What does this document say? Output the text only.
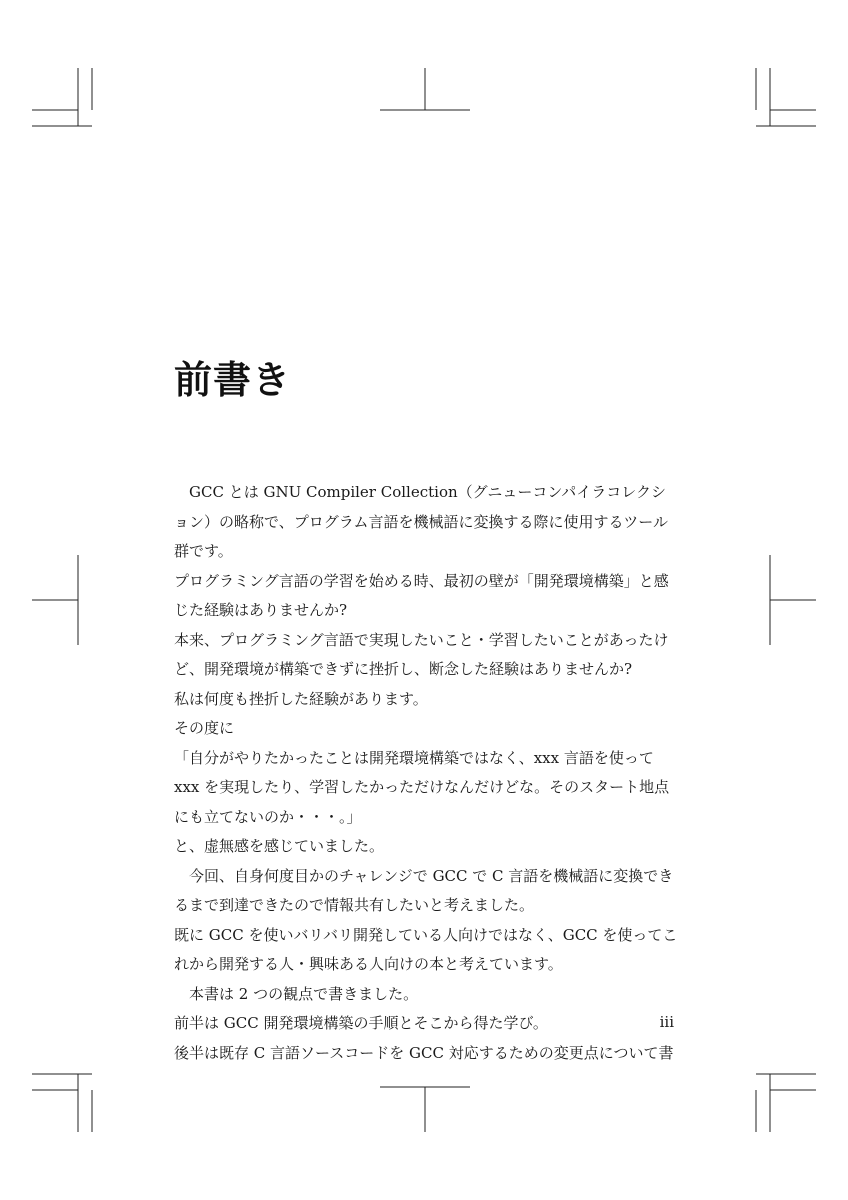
前書き

GCC とは GNU Compiler Collection（グニューコンパイラコレクション）の略称で、プログラム言語を機械語に変換する際に使用するツール群です。

プログラミング言語の学習を始める時、最初の壁が「開発環境構築」と感じた経験はありませんか?

本来、プログラミング言語で実現したいこと・学習したいことがあったけど、開発環境が構築できずに挫折し、断念した経験はありませんか?

私は何度も挫折した経験があります。

その度に

「自分がやりたかったことは開発環境構築ではなく、xxx 言語を使って xxx を実現したり、学習したかっただけなんだけどな。そのスタート地点にも立てないのか・・・。」

と、虚無感を感じていました。

今回、自身何度目かのチャレンジで GCC で C 言語を機械語に変換できるまで到達できたので情報共有したいと考えました。

既に GCC を使いバリバリ開発している人向けではなく、GCC を使ってこれから開発する人・興味ある人向けの本と考えています。

本書は 2 つの観点で書きました。

前半は GCC 開発環境構築の手順とそこから得た学び。

後半は既存 C 言語ソースコードを GCC 対応するための変更点について書

iii
